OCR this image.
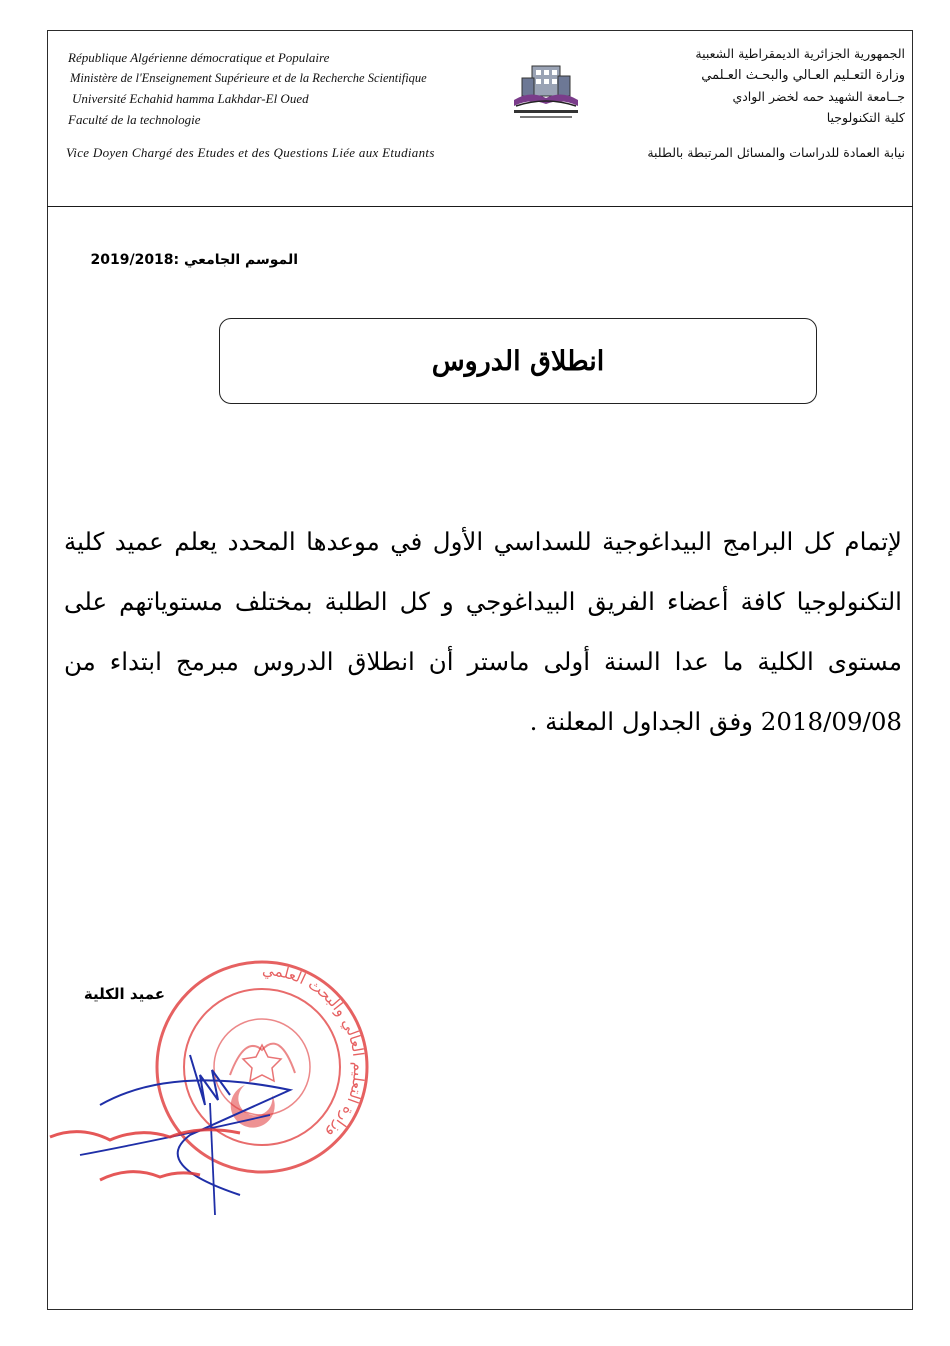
République Algérienne démocratique et Populaire
Ministère de l'Enseignement Supérieure et de la Recherche Scientifique
Université Echahid hamma Lakhdar-El Oued
Faculté de la technologie
Vice Doyen Chargé des Etudes et des Questions Liée aux Etudiants
الجمهورية الجزائرية الديمقراطية الشعبية
وزارة التعـليم العـالي والبحـث العـلمي
جــامعة الشهيد حمه لخضر الوادي
كلية التكنولوجيا
نيابة العمادة للدراسات والمسائل المرتبطة بالطلبة
الموسم الجامعي :2019/2018
انطلاق الدروس
لإتمام كل البرامج البيداغوجية للسداسي الأول في موعدها المحدد يعلم عميد كلية التكنولوجيا كافة أعضاء الفريق البيداغوجي و كل الطلبة بمختلف مستوياتهم على مستوى الكلية ما عدا السنة أولى ماستر أن انطلاق الدروس مبرمج ابتداء من 2018/09/08 وفق الجداول المعلنة .
عميد الكلية
وزارة التعليم العالي والبحث العلمي
